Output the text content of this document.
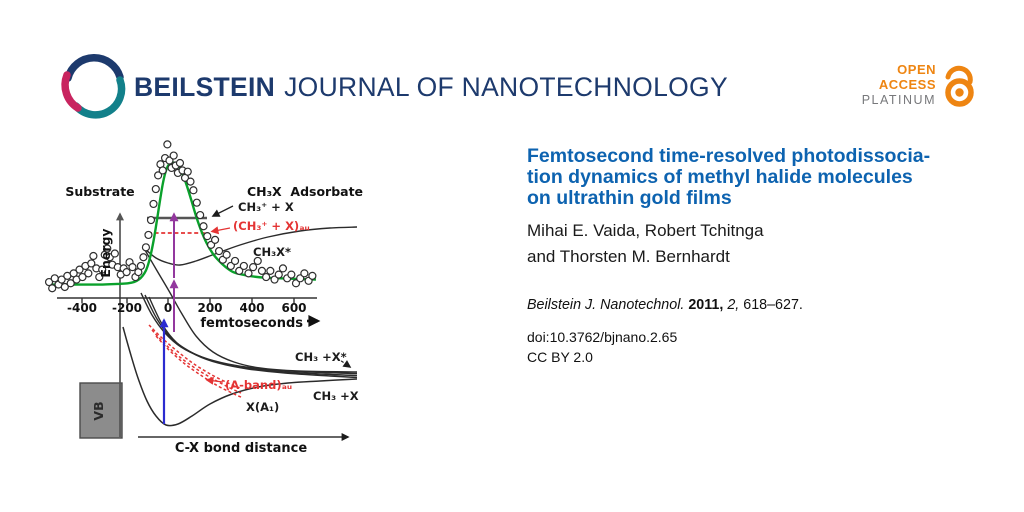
BEILSTEIN JOURNAL OF NANOTECHNOLOGY
OPEN
ACCESS
PLATINUM
Substrate	CH₃X  Adsorbate
CH₃⁺ + X
(CH₃⁺ + X)ₐᵤ
CH₃X*
Energy
-400 -200 0 200 400 600
femtoseconds
CH₃ +X*
(A-band)ₐᵤ
CH₃ +X
X(A₁)
VB
C-X bond distance
Femtosecond time-resolved photodissocia-
tion dynamics of methyl halide molecules
on ultrathin gold films
Mihai E. Vaida, Robert Tchitnga
and Thorsten M. Bernhardt
Beilstein J. Nanotechnol. 2011, 2, 618–627.
doi:10.3762/bjnano.2.65
CC BY 2.0
